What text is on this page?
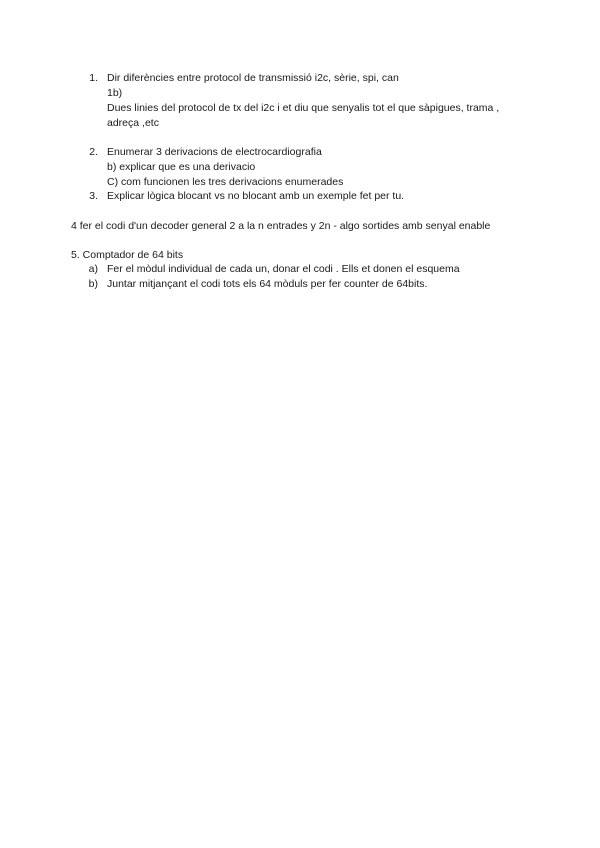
1. Dir diferències entre protocol de transmissió i2c, sèrie, spi, can
1b)
Dues linies del protocol de tx del i2c i et diu que senyalis tot el que sàpigues, trama ,
adreça ,etc
2. Enumerar 3 derivacions de electrocardiografia
b) explicar que es una derivacio
C) com funcionen les tres derivacions enumerades
3. Explicar lògica blocant vs no blocant amb un exemple fet per tu.
4 fer el codi d'un decoder general 2 a la n entrades y 2n - algo sortides amb senyal enable
5. Comptador de 64 bits
a) Fer el mòdul individual de cada un, donar el codi . Ells et donen el esquema
b) Juntar mitjançant el codi tots els 64 mòduls per fer counter de 64bits.
